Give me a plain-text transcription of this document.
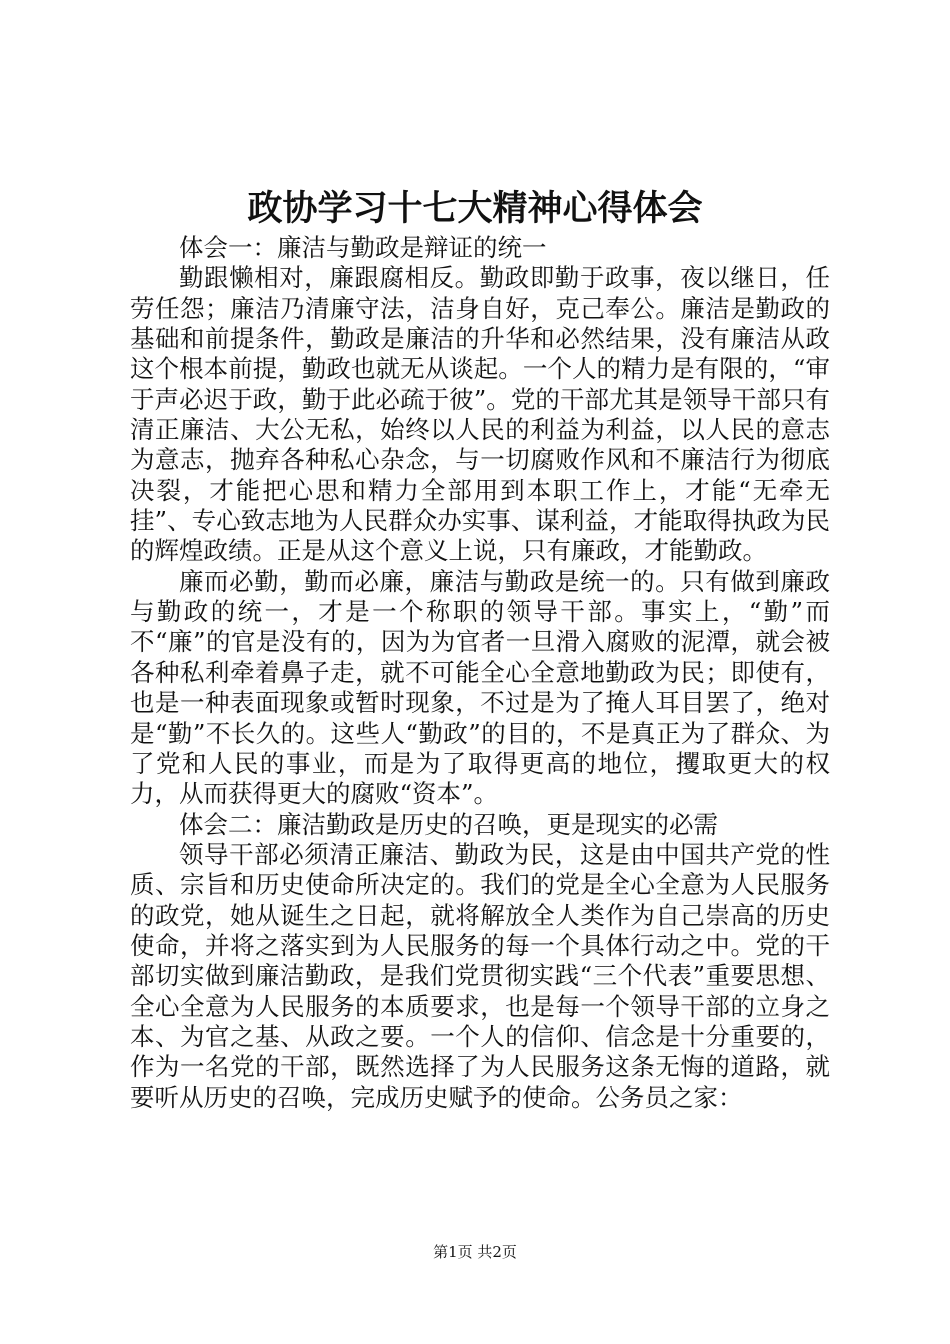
政协学习十七大精神心得体会

体会一：廉洁与勤政是辩证的统一

勤跟懒相对，廉跟腐相反。勤政即勤于政事，夜以继日，任劳任怨；廉洁乃清廉守法，洁身自好，克己奉公。廉洁是勤政的基础和前提条件，勤政是廉洁的升华和必然结果，没有廉洁从政这个根本前提，勤政也就无从谈起。一个人的精力是有限的，“审于声必迟于政，勤于此必疏于彼”。党的干部尤其是领导干部只有清正廉洁、大公无私，始终以人民的利益为利益，以人民的意志为意志，抛弃各种私心杂念，与一切腐败作风和不廉洁行为彻底决裂，才能把心思和精力全部用到本职工作上，才能“无牵无挂”、专心致志地为人民群众办实事、谋利益，才能取得执政为民的辉煌政绩。正是从这个意义上说，只有廉政，才能勤政。

廉而必勤，勤而必廉，廉洁与勤政是统一的。只有做到廉政与勤政的统一，才是一个称职的领导干部。事实上，“勤”而不“廉”的官是没有的，因为为官者一旦滑入腐败的泥潭，就会被各种私利牵着鼻子走，就不可能全心全意地勤政为民；即使有，也是一种表面现象或暂时现象，不过是为了掩人耳目罢了，绝对是“勤”不长久的。这些人“勤政”的目的，不是真正为了群众、为了党和人民的事业，而是为了取得更高的地位，攫取更大的权力，从而获得更大的腐败“资本”。

体会二：廉洁勤政是历史的召唤，更是现实的必需

领导干部必须清正廉洁、勤政为民，这是由中国共产党的性质、宗旨和历史使命所决定的。我们的党是全心全意为人民服务的政党，她从诞生之日起，就将解放全人类作为自己崇高的历史使命，并将之落实到为人民服务的每一个具体行动之中。党的干部切实做到廉洁勤政，是我们党贯彻实践“三个代表”重要思想、全心全意为人民服务的本质要求，也是每一个领导干部的立身之本、为官之基、从政之要。一个人的信仰、信念是十分重要的，作为一名党的干部，既然选择了为人民服务这条无悔的道路，就要听从历史的召唤，完成历史赋予的使命。公务员之家：

第1页 共2页
